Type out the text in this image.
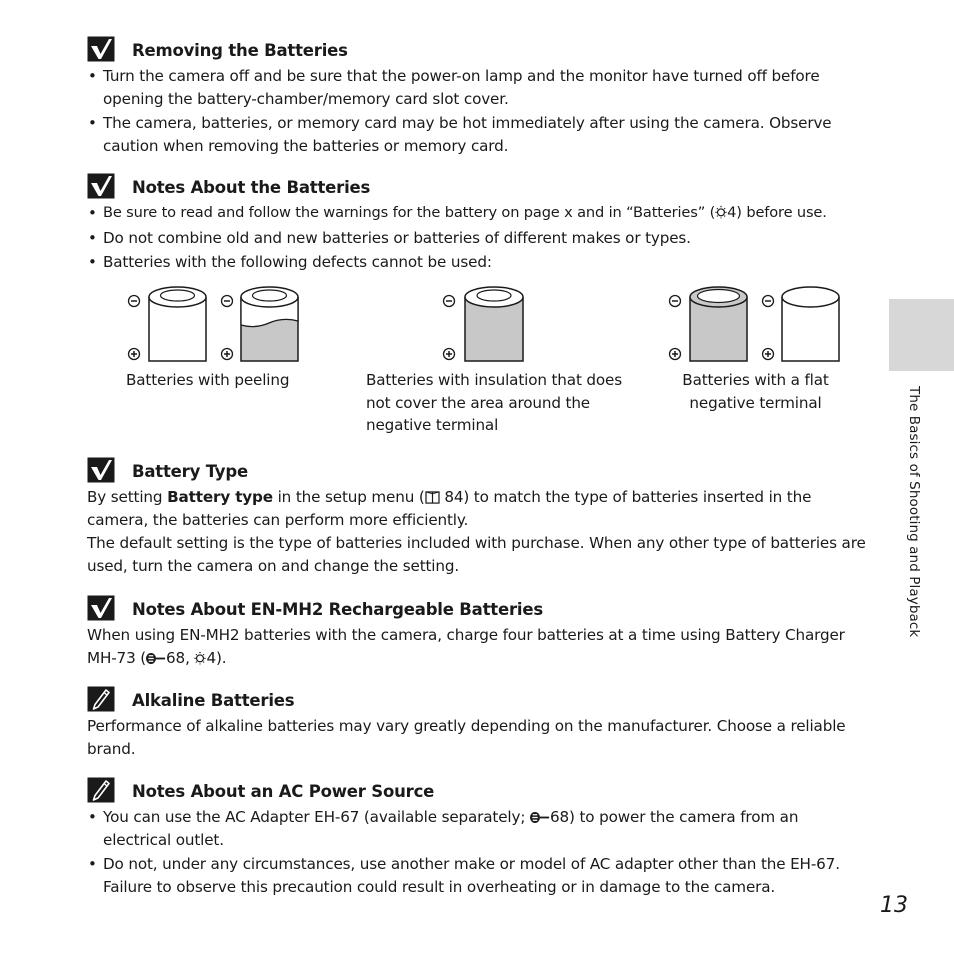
Removing the Batteries
• Turn the camera off and be sure that the power-on lamp and the monitor have turned off before opening the battery-chamber/memory card slot cover.
• The camera, batteries, or memory card may be hot immediately after using the camera. Observe caution when removing the batteries or memory card.
Notes About the Batteries
• Be sure to read and follow the warnings for the battery on page x and in “Batteries” ( 4) before use.
• Do not combine old and new batteries or batteries of different makes or types.
• Batteries with the following defects cannot be used:
Batteries with peeling	Batteries with insulation that does not cover the area around the negative terminal
Batteries with a flat negative terminal
Battery Type
By setting Battery type in the setup menu ( 84) to match the type of batteries inserted in the camera, the batteries can perform more efficiently.
The default setting is the type of batteries included with purchase. When any other type of batteries are used, turn the camera on and change the setting.
Notes About EN-MH2 Rechargeable Batteries
When using EN-MH2 batteries with the camera, charge four batteries at a time using Battery Charger MH-73 ( 68, 4).
Alkaline Batteries
Performance of alkaline batteries may vary greatly depending on the manufacturer. Choose a reliable brand.
Notes About an AC Power Source
• You can use the AC Adapter EH-67 (available separately; 68) to power the camera from an electrical outlet.
• Do not, under any circumstances, use another make or model of AC adapter other than the EH-67. Failure to observe this precaution could result in overheating or in damage to the camera.
The Basics of Shooting and Playback
13
